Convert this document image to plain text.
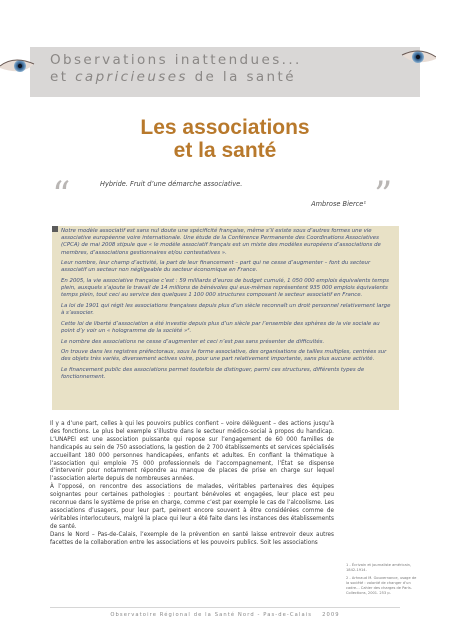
Observations inattendues...
et capricieuses de la santé
Les associations
et la santé
“	”
Hybride. Fruit d’une démarche associative.
Ambrose Bierce¹

Notre modèle associatif est sans nul doute une spécificité française, même s’il existe sous d’autres formes une vie associative européenne voire internationale. Une étude de la Conférence Permanente des Coordinations Associatives (CPCA) de mai 2008 stipule que « le modèle associatif français est un mixte des modèles européens d’associations de membres, d’associations gestionnaires et/ou contestatives ».

Leur nombre, leur champ d’activité, la part de leur financement – part qui ne cesse d’augmenter – font du secteur associatif un secteur non négligeable du secteur économique en France.

En 2005, la vie associative française c’est : 59 milliards d’euros de budget cumulé, 1 050 000 emplois équivalents temps plein, auxquels s’ajoute le travail de 14 millions de bénévoles qui eux-mêmes représentent 935 000 emplois équivalents temps plein, tout ceci au service des quelques 1 100 000 structures composant le secteur associatif en France.

La loi de 1901 qui régit les associations françaises depuis plus d’un siècle reconnaît un droit personnel relativement large à s’associer.

Cette loi de liberté d’association a été investie depuis plus d’un siècle par l’ensemble des sphères de la vie sociale au point d’y voir un « hologramme de la société »².

Le nombre des associations ne cesse d’augmenter et ceci n’est pas sans présenter de difficultés.

On trouve dans les registres préfectoraux, sous la forme associative, des organisations de tailles multiples, centrées sur des objets très variés, diversement actives voire, pour une part relativement importante, sans plus aucune activité.

Le financement public des associations permet toutefois de distinguer, parmi ces structures, différents types de fonctionnement.

Il y a d’une part, celles à qui les pouvoirs publics confient – voire délèguent – des actions jusqu’à des fonctions. Le plus bel exemple s’illustre dans le secteur médico-social à propos du handicap. L’UNAPEI est une association puissante qui repose sur l’engagement de 60 000 familles de handicapés au sein de 750 associations, la gestion de 2 700 établissements et services spécialisés accueillant 180 000 personnes handicapées, enfants et adultes. En confiant la thématique à l’association qui emploie 75 000 professionnels de l’accompagnement, l’État se dispense d’intervenir pour notamment répondre au manque de places de prise en charge sur lequel l’association alerte depuis de nombreuses années.

À l’opposé, on rencontre des associations de malades, véritables partenaires des équipes soignantes pour certaines pathologies : pourtant bénévoles et engagées, leur place est peu reconnue dans le système de prise en charge, comme c’est par exemple le cas de l’alcoolisme. Les associations d’usagers, pour leur part, peinent encore souvent à être considérées comme de véritables interlocuteurs, malgré la place qui leur a été faite dans les instances des établissements de santé.

Dans le Nord – Pas-de-Calais, l’exemple de la prévention en santé laisse entrevoir deux autres facettes de la collaboration entre les associations et les pouvoirs publics. Soit les associations

1 - Écrivain et journaliste américain, 1842-1914.

2 - Arhnaud M. Gouvernance, usage de la société : volonté de changer d’un cadre… Cahier des charges de Paris. Collections, 2001. 253 p.

Observatoire Régional de la Santé Nord - Pas-de-Calais 2009
